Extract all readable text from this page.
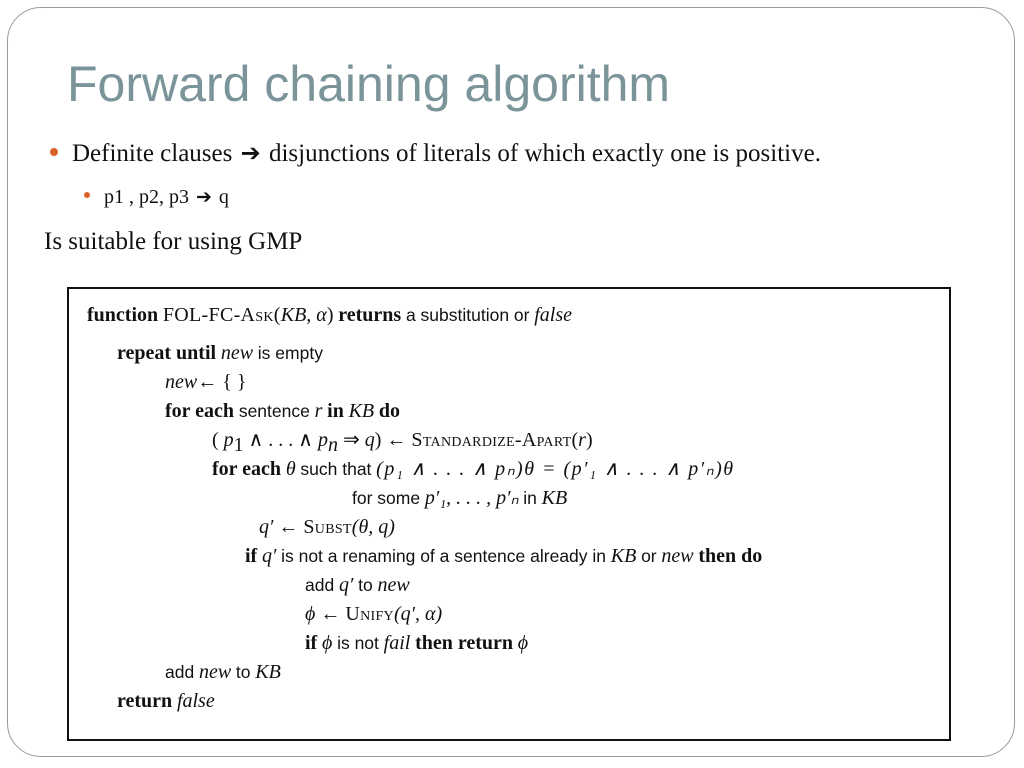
Forward chaining algorithm
Definite clauses ➔ disjunctions of literals of which exactly one is positive.
p1 , p2, p3 ➔ q
Is suitable for using GMP
function FOL-FC-Ask(KB, α) returns a substitution or false
repeat until new is empty
new← { }
for each sentence r in KB do
( $p_1$ ∧ . . . ∧ $p_n$ ⇒ q) ← Standardize-Apart(r)
for each θ such that (p₁ ∧ . . . ∧ pₙ)θ = (p′₁ ∧ . . . ∧ p′ₙ)θ
for some p′₁, . . . , p′ₙ in KB
q′ ← Subst(θ, q)
if q′ is not a renaming of a sentence already in KB or new then do
add q′ to new
ϕ ← Unify(q′, α)
if ϕ is not fail then return ϕ
add new to KB
return false
